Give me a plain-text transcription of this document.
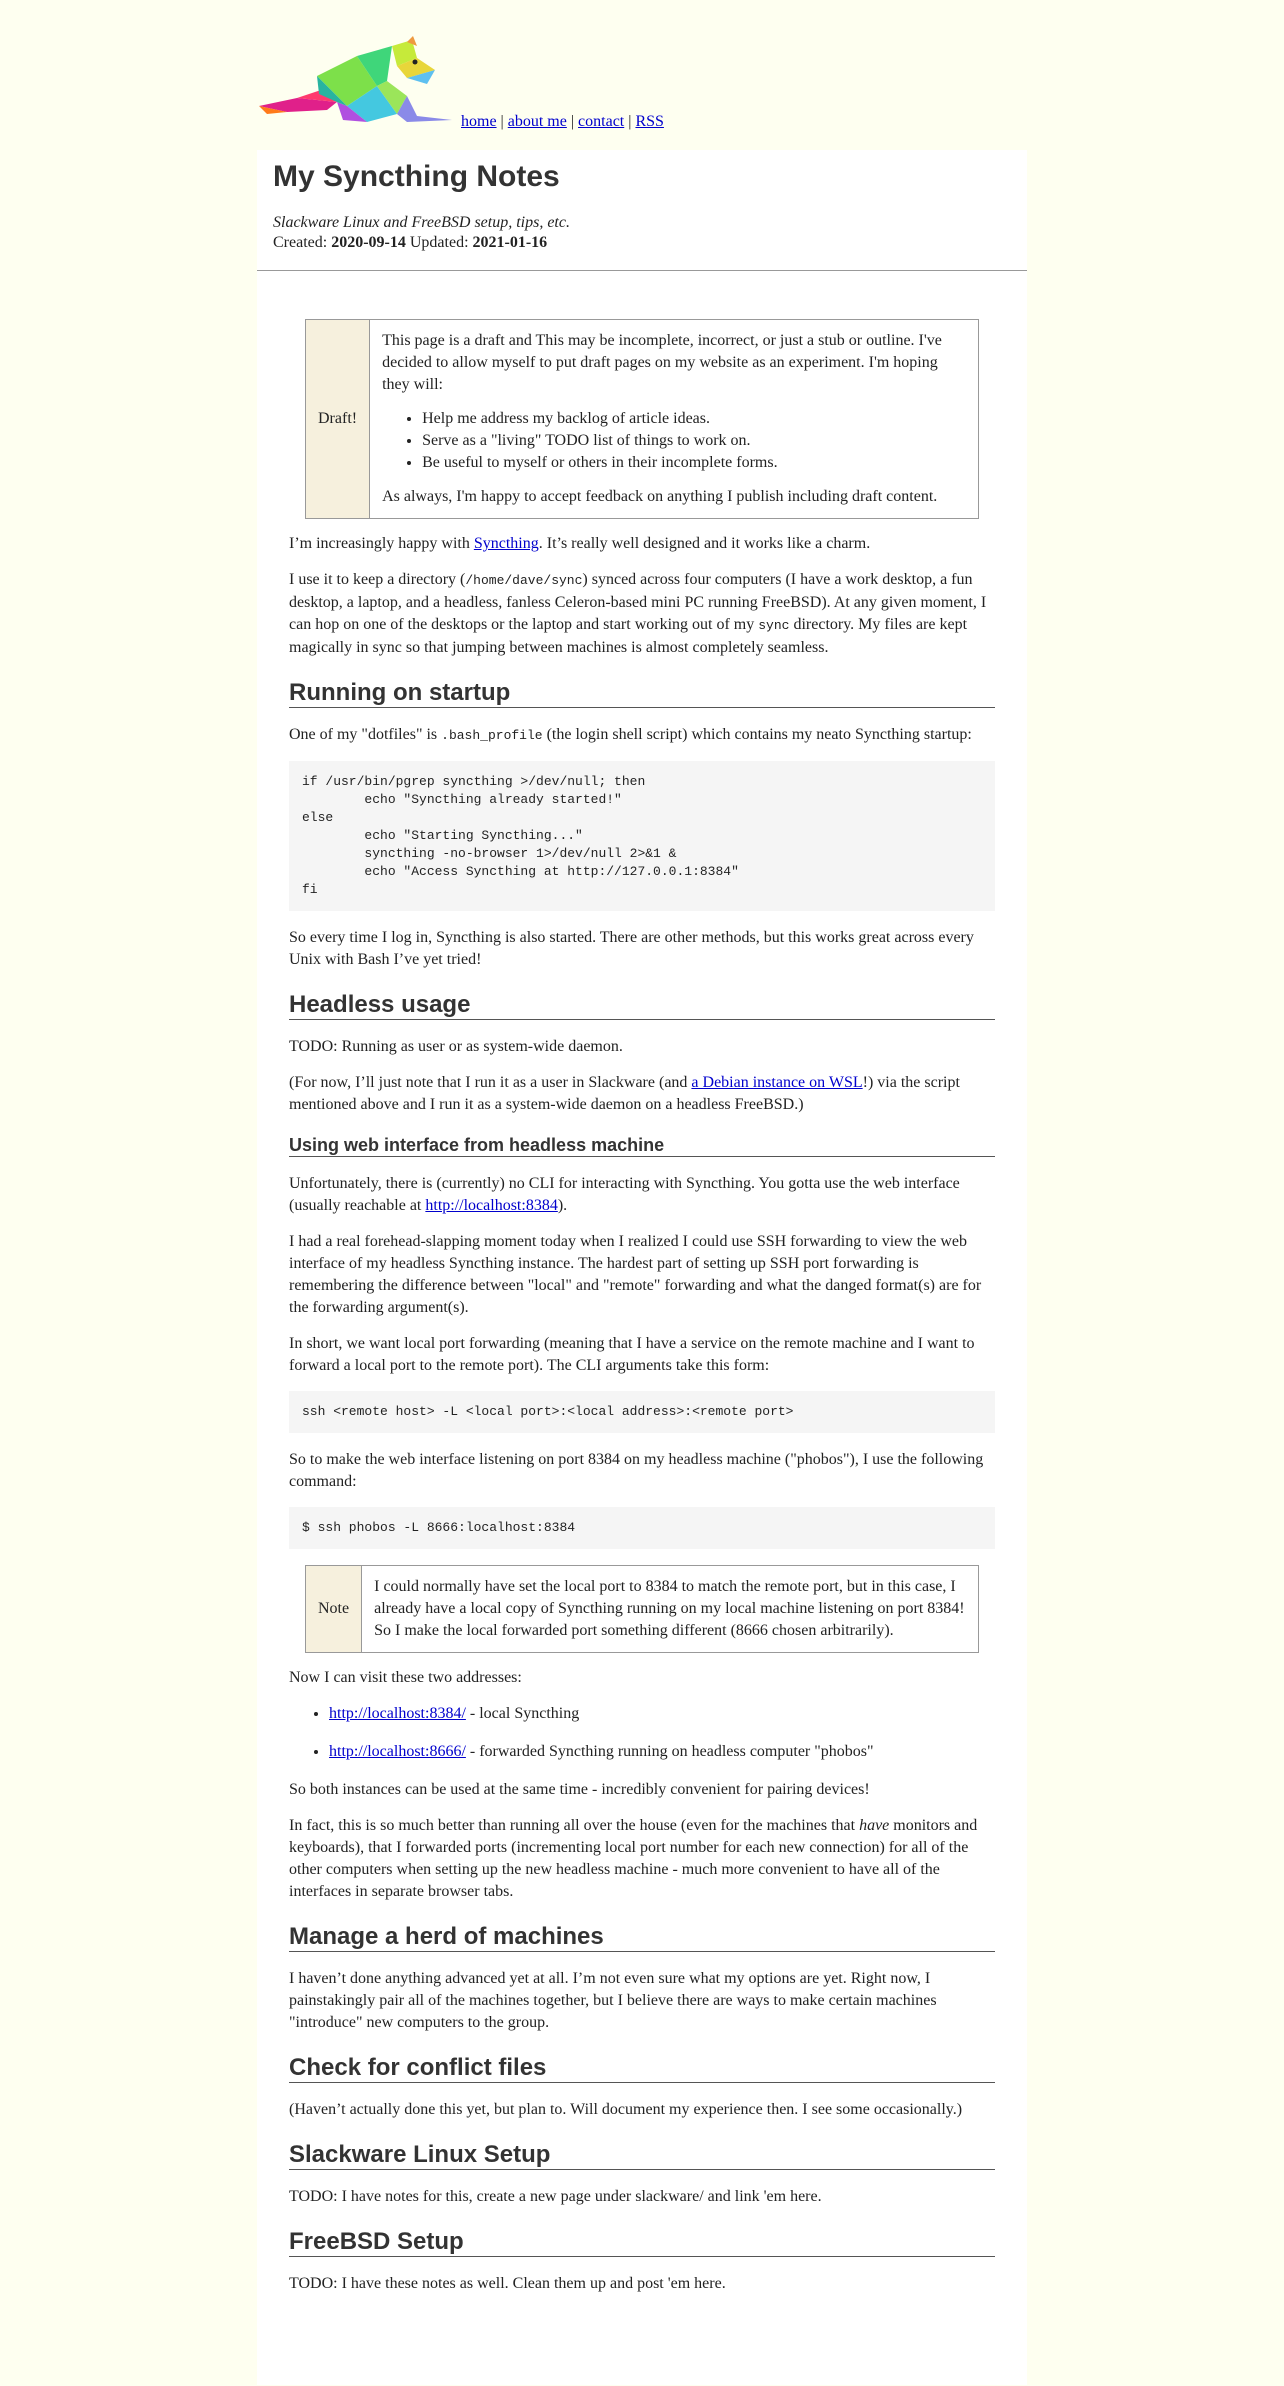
home | about me | contact | RSS
My Syncthing Notes

Slackware Linux and FreeBSD setup, tips, etc.

Created: 2020-09-14 Updated: 2021-01-16

Draft!

This page is a draft and This may be incomplete, incorrect, or just a stub or outline. I've decided to allow myself to put draft pages on my website as an experiment. I'm hoping they will:

• Help me address my backlog of article ideas.
• Serve as a "living" TODO list of things to work on.
• Be useful to myself or others in their incomplete forms.

As always, I'm happy to accept feedback on anything I publish including draft content.

I’m increasingly happy with Syncthing. It’s really well designed and it works like a charm.

I use it to keep a directory (/home/dave/sync) synced across four computers (I have a work desktop, a fun desktop, a laptop, and a headless, fanless Celeron-based mini PC running FreeBSD). At any given moment, I can hop on one of the desktops or the laptop and start working out of my sync directory. My files are kept magically in sync so that jumping between machines is almost completely seamless.

Running on startup

One of my "dotfiles" is .bash_profile (the login shell script) which contains my neato Syncthing startup:

if /usr/bin/pgrep syncthing >/dev/null; then
echo "Syncthing already started!"
else
echo "Starting Syncthing..."
syncthing -no-browser 1>/dev/null 2>&1 &
echo "Access Syncthing at http://127.0.0.1:8384"
fi

So every time I log in, Syncthing is also started. There are other methods, but this works great across every Unix with Bash I’ve yet tried!

Headless usage

TODO: Running as user or as system-wide daemon.

(For now, I’ll just note that I run it as a user in Slackware (and a Debian instance on WSL!) via the script mentioned above and I run it as a system-wide daemon on a headless FreeBSD.)

Using web interface from headless machine

Unfortunately, there is (currently) no CLI for interacting with Syncthing. You gotta use the web interface (usually reachable at http://localhost:8384).

I had a real forehead-slapping moment today when I realized I could use SSH forwarding to view the web interface of my headless Syncthing instance. The hardest part of setting up SSH port forwarding is remembering the difference between "local" and "remote" forwarding and what the danged format(s) are for the forwarding argument(s).

In short, we want local port forwarding (meaning that I have a service on the remote machine and I want to forward a local port to the remote port). The CLI arguments take this form:

ssh <remote host> -L <local port>:<local address>:<remote port>

So to make the web interface listening on port 8384 on my headless machine ("phobos"), I use the following command:

$ ssh phobos -L 8666:localhost:8384
Note

I could normally have set the local port to 8384 to match the remote port, but in this case, I already have a local copy of Syncthing running on my local machine listening on port 8384! So I make the local forwarded port something different (8666 chosen arbitrarily).

Now I can visit these two addresses:

• http://localhost:8384/ - local Syncthing
• http://localhost:8666/ - forwarded Syncthing running on headless computer "phobos"

So both instances can be used at the same time - incredibly convenient for pairing devices!

In fact, this is so much better than running all over the house (even for the machines that have monitors and keyboards), that I forwarded ports (incrementing local port number for each new connection) for all of the other computers when setting up the new headless machine - much more convenient to have all of the interfaces in separate browser tabs.

Manage a herd of machines

I haven’t done anything advanced yet at all. I’m not even sure what my options are yet. Right now, I painstakingly pair all of the machines together, but I believe there are ways to make certain machines "introduce" new computers to the group.

Check for conflict files

(Haven’t actually done this yet, but plan to. Will document my experience then. I see some occasionally.)

Slackware Linux Setup

TODO: I have notes for this, create a new page under slackware/ and link 'em here.

FreeBSD Setup

TODO: I have these notes as well. Clean them up and post 'em here.
